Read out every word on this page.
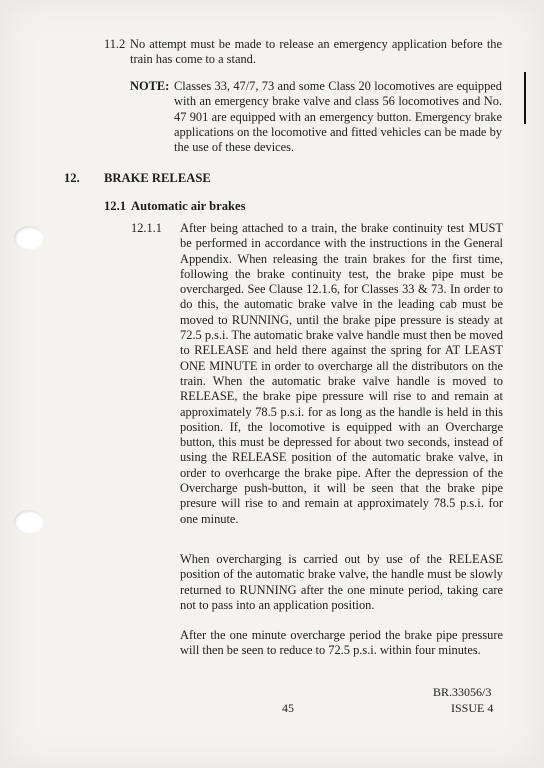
11.2 No attempt must be made to release an emergency application before the train has come to a stand.

NOTE: Classes 33, 47/7, 73 and some Class 20 locomotives are equipped with an emergency brake valve and class 56 locomotives and No. 47 901 are equipped with an emergency button. Emergency brake applications on the locomotive and fitted vehicles can be made by the use of these devices.

12. BRAKE RELEASE
12.1 Automatic air brakes
12.1.1 After being attached to a train, the brake continuity test MUST be performed in accordance with the instructions in the General Appendix. When releasing the train brakes for the first time, following the brake continuity test, the brake pipe must be overcharged. See Clause 12.1.6, for Classes 33 & 73. In order to do this, the automatic brake valve in the leading cab must be moved to RUNNING, until the brake pipe pressure is steady at 72.5 p.s.i. The automatic brake valve handle must then be moved to RELEASE and held there against the spring for AT LEAST ONE MINUTE in order to overcharge all the distributors on the train. When the automatic brake valve handle is moved to RELEASE, the brake pipe pressure will rise to and remain at approximately 78.5 p.s.i. for as long as the handle is held in this position. If, the locomotive is equipped with an Overcharge button, this must be depressed for about two seconds, instead of using the RELEASE position of the automatic brake valve, in order to overhcarge the brake pipe. After the depression of the Overcharge push-button, it will be seen that the brake pipe presure will rise to and remain at approximately 78.5 p.s.i. for one minute.

When overcharging is carried out by use of the RELEASE position of the automatic brake valve, the handle must be slowly returned to RUNNING after the one minute period, taking care not to pass into an application position.

After the one minute overcharge period the brake pipe pressure will then be seen to reduce to 72.5 p.s.i. within four minutes.

45
BR.33056/3
ISSUE 4
